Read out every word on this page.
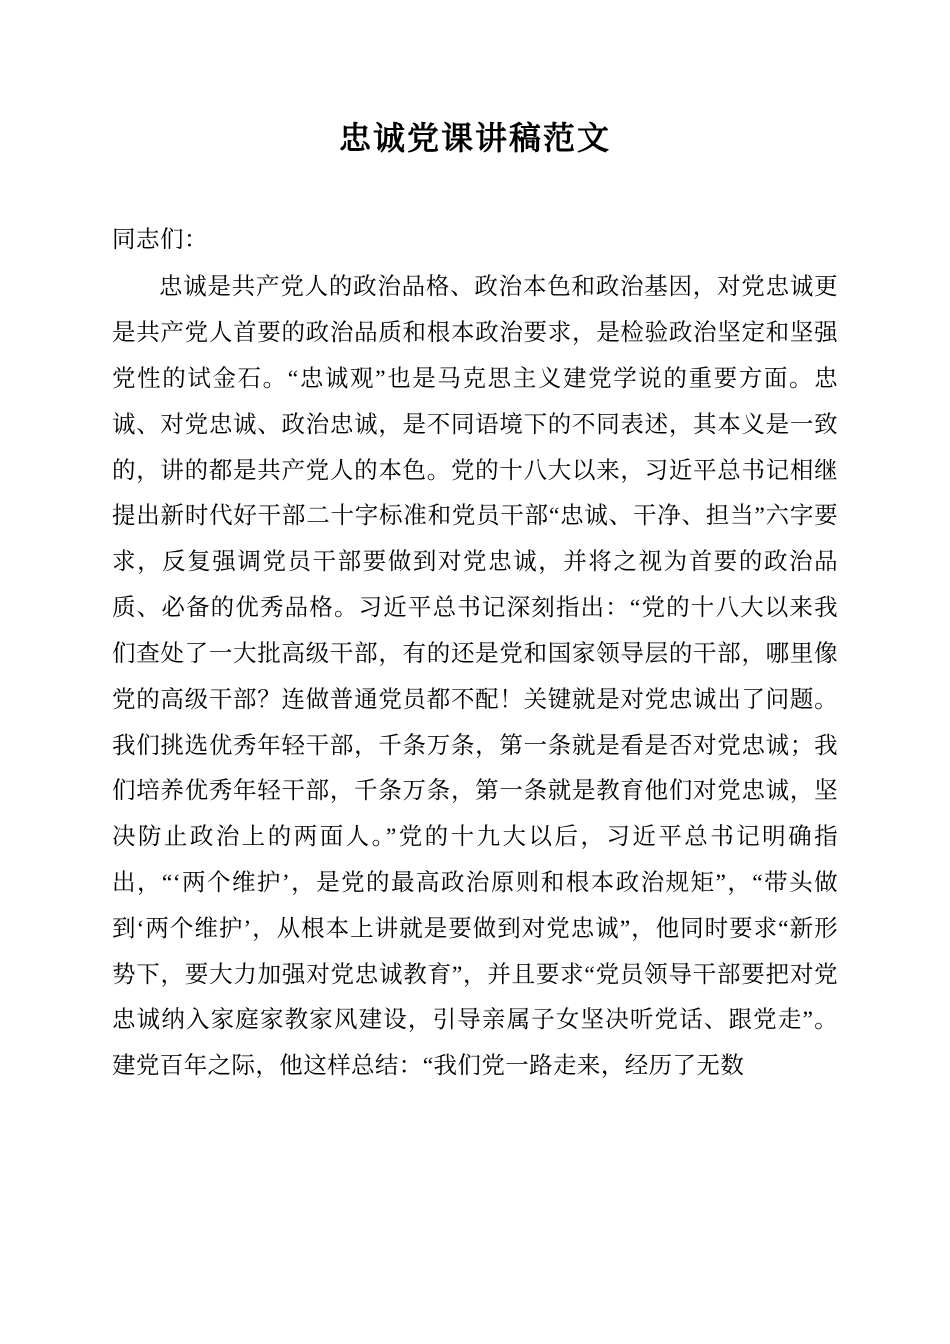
忠诚党课讲稿范文

同志们：

忠诚是共产党人的政治品格、政治本色和政治基因，对党忠诚更是共产党人首要的政治品质和根本政治要求，是检验政治坚定和坚强党性的试金石。“忠诚观”也是马克思主义建党学说的重要方面。忠诚、对党忠诚、政治忠诚，是不同语境下的不同表述，其本义是一致的，讲的都是共产党人的本色。党的十八大以来，习近平总书记相继提出新时代好干部二十字标准和党员干部“忠诚、干净、担当”六字要求，反复强调党员干部要做到对党忠诚，并将之视为首要的政治品质、必备的优秀品格。习近平总书记深刻指出：“党的十八大以来我们查处了一大批高级干部，有的还是党和国家领导层的干部，哪里像党的高级干部？连做普通党员都不配！关键就是对党忠诚出了问题。我们挑选优秀年轻干部，千条万条，第一条就是看是否对党忠诚；我们培养优秀年轻干部，千条万条，第一条就是教育他们对党忠诚，坚决防止政治上的两面人。”党的十九大以后，习近平总书记明确指出，“‘两个维护’，是党的最高政治原则和根本政治规矩”，“带头做到‘两个维护’，从根本上讲就是要做到对党忠诚”，他同时要求“新形势下，要大力加强对党忠诚教育”，并且要求“党员领导干部要把对党忠诚纳入家庭家教家风建设，引导亲属子女坚决听党话、跟党走”。建党百年之际，他这样总结：“我们党一路走来，经历了无数
